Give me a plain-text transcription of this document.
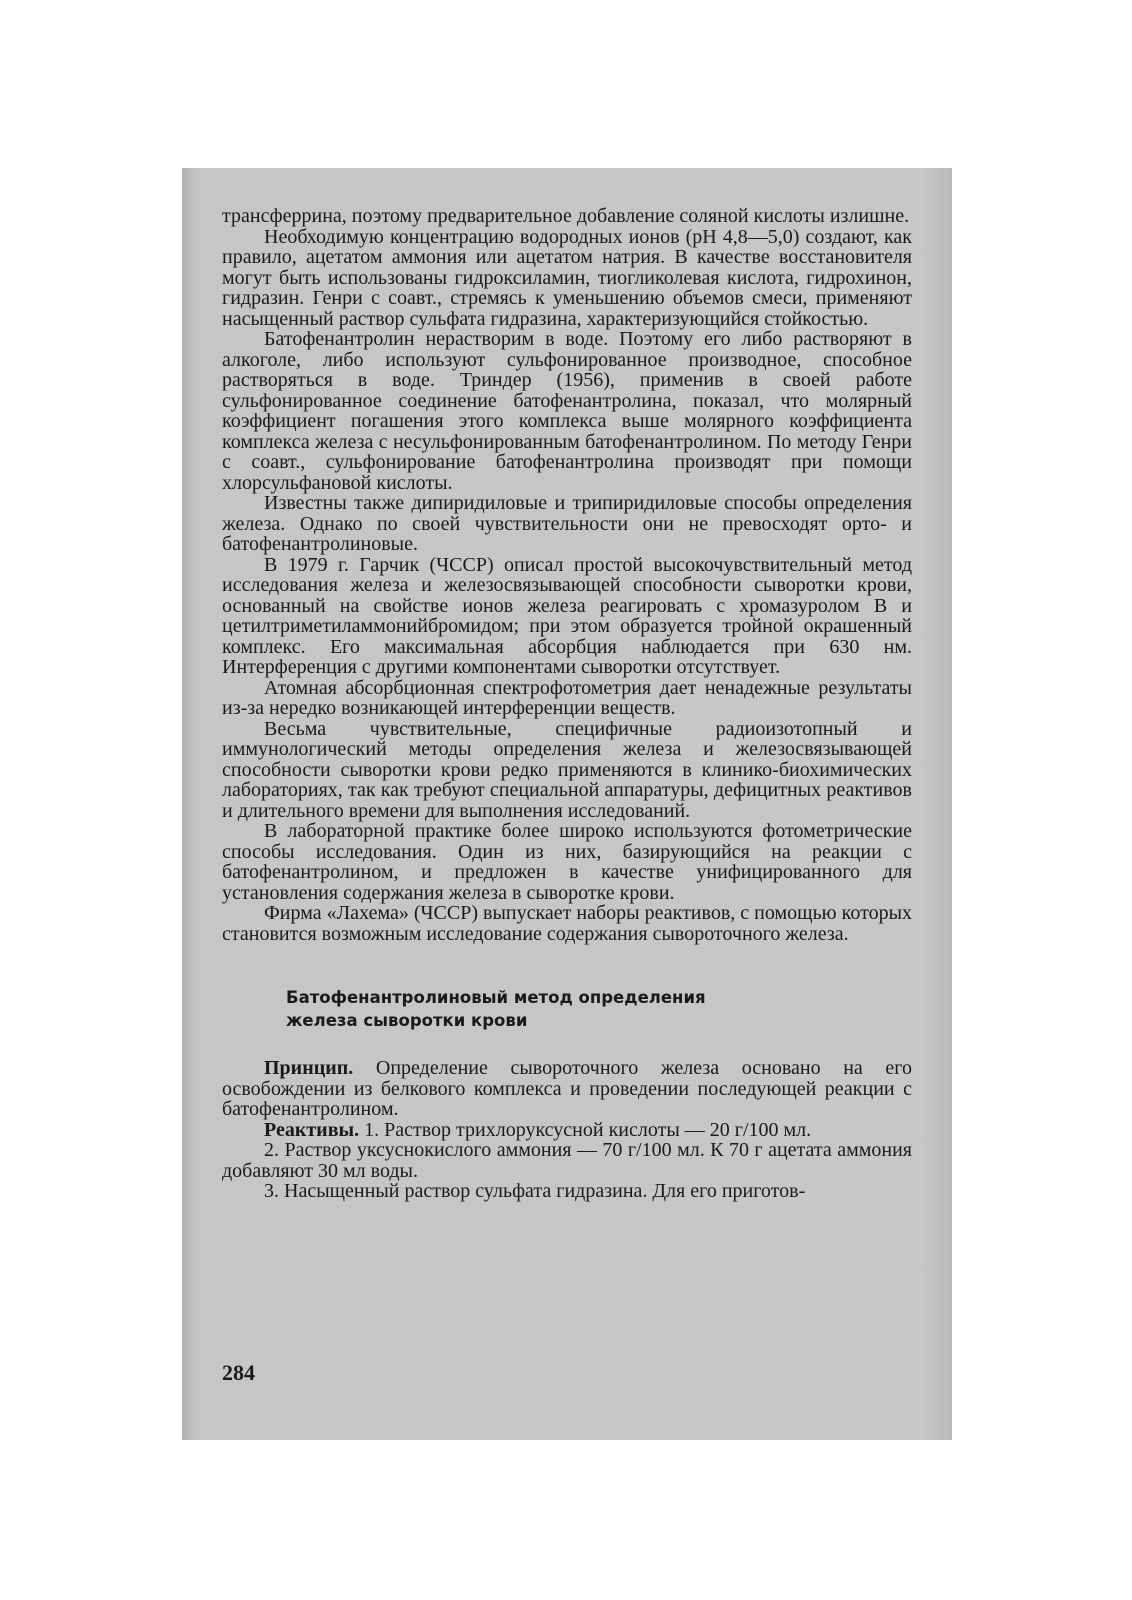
трансферрина, поэтому предварительное добавление соляной кислоты излишне.

Необходимую концентрацию водородных ионов (pH 4,8—5,0) создают, как правило, ацетатом аммония или ацетатом натрия. В качестве восстановителя могут быть использованы гидроксиламин, тиогликолевая кислота, гидрохинон, гидразин. Генри с соавт., стремясь к уменьшению объемов смеси, применяют насыщенный раствор сульфата гидразина, характеризующийся стойкостью.

Батофенантролин нерастворим в воде. Поэтому его либо растворяют в алкоголе, либо используют сульфонированное производное, способное растворяться в воде. Триндер (1956), применив в своей работе сульфонированное соединение батофенантролина, показал, что молярный коэффициент погашения этого комплекса выше молярного коэффициента комплекса железа с несульфонированным батофенантролином. По методу Генри с соавт., сульфонирование батофенантролина производят при помощи хлорсульфановой кислоты.

Известны также дипиридиловые и трипиридиловые способы определения железа. Однако по своей чувствительности они не превосходят орто- и батофенантролиновые.

В 1979 г. Гарчик (ЧССР) описал простой высокочувствительный метод исследования железа и железосвязывающей способности сыворотки крови, основанный на свойстве ионов железа реагировать с хромазуролом В и цетилтриметиламмонийбромидом; при этом образуется тройной окрашенный комплекс. Его максимальная абсорбция наблюдается при 630 нм. Интерференция с другими компонентами сыворотки отсутствует.

Атомная абсорбционная спектрофотометрия дает ненадежные результаты из-за нередко возникающей интерференции веществ.

Весьма чувствительные, специфичные радиоизотопный и иммунологический методы определения железа и железосвязывающей способности сыворотки крови редко применяются в клинико-биохимических лабораториях, так как требуют специальной аппаратуры, дефицитных реактивов и длительного времени для выполнения исследований.

В лабораторной практике более широко используются фотометрические способы исследования. Один из них, базирующийся на реакции с батофенантролином, и предложен в качестве унифицированного для установления содержания железа в сыворотке крови.

Фирма «Лахема» (ЧССР) выпускает наборы реактивов, с помощью которых становится возможным исследование содержания сывороточного железа.

Батофенантролиновый метод определения
железа сыворотки крови

Принцип. Определение сывороточного железа основано на его освобождении из белкового комплекса и проведении последующей реакции с батофенантролином.

Реактивы. 1. Раствор трихлоруксусной кислоты — 20 г/100 мл.

2. Раствор уксуснокислого аммония — 70 г/100 мл. К 70 г ацетата аммония добавляют 30 мл воды.

3. Насыщенный раствор сульфата гидразина. Для его приготов-

284
